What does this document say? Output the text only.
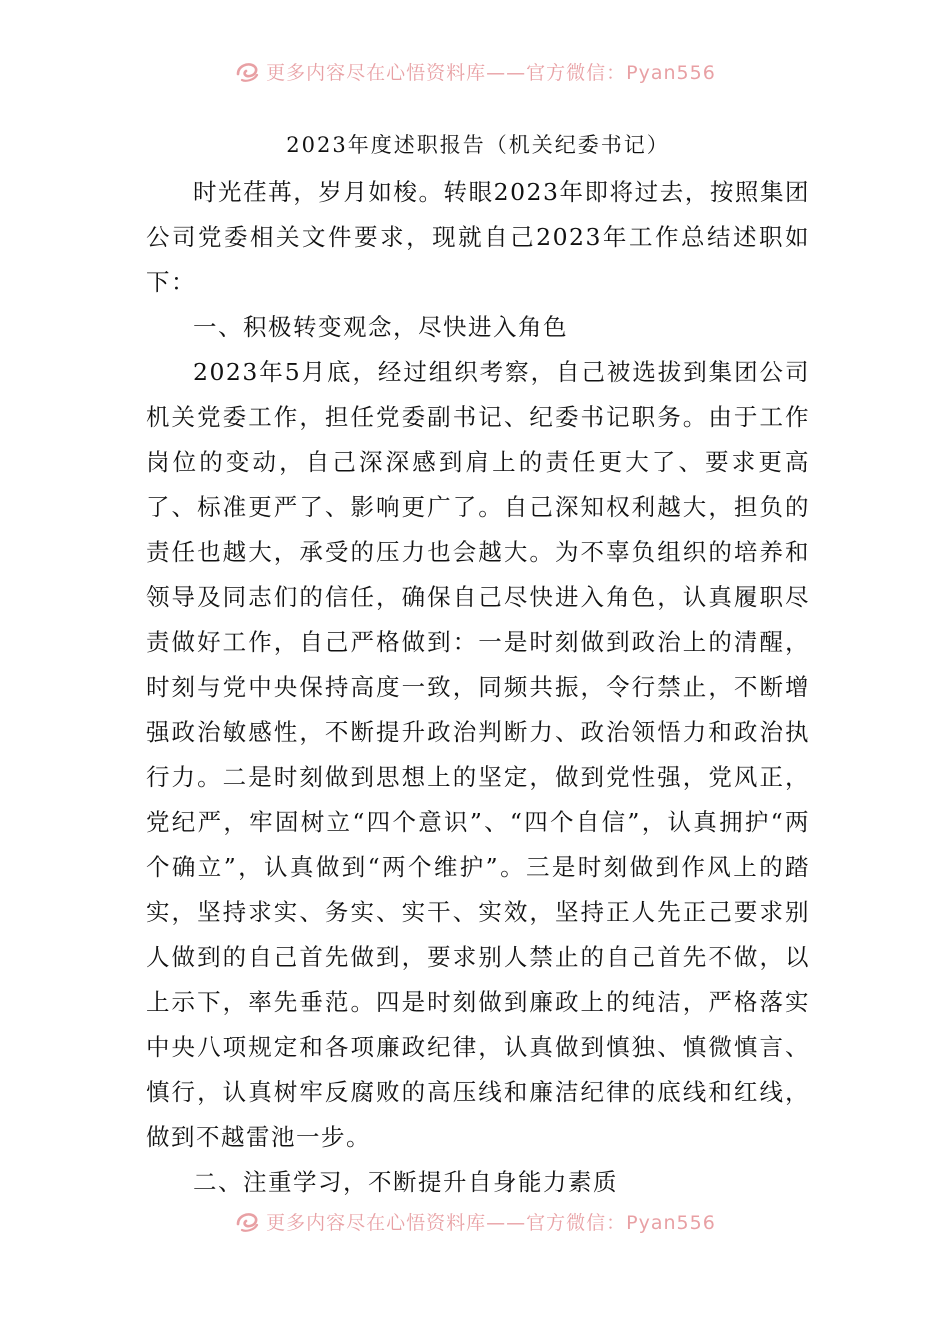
更多内容尽在心悟资料库——官方微信：Pyan556
2023年度述职报告（机关纪委书记）

时光荏苒，岁月如梭。转眼2023年即将过去，按照集团公司党委相关文件要求，现就自己2023年工作总结述职如下：

一、积极转变观念，尽快进入角色

2023年5月底，经过组织考察，自己被选拔到集团公司机关党委工作，担任党委副书记、纪委书记职务。由于工作岗位的变动，自己深深感到肩上的责任更大了、要求更高了、标准更严了、影响更广了。自己深知权利越大，担负的责任也越大，承受的压力也会越大。为不辜负组织的培养和领导及同志们的信任，确保自己尽快进入角色，认真履职尽责做好工作，自己严格做到：一是时刻做到政治上的清醒，时刻与党中央保持高度一致，同频共振，令行禁止，不断增强政治敏感性，不断提升政治判断力、政治领悟力和政治执行力。二是时刻做到思想上的坚定，做到党性强，党风正，党纪严，牢固树立“四个意识”、“四个自信”，认真拥护“两个确立”，认真做到“两个维护”。三是时刻做到作风上的踏实，坚持求实、务实、实干、实效，坚持正人先正己要求别人做到的自己首先做到，要求别人禁止的自己首先不做，以上示下，率先垂范。四是时刻做到廉政上的纯洁，严格落实中央八项规定和各项廉政纪律，认真做到慎独、慎微慎言、慎行，认真树牢反腐败的高压线和廉洁纪律的底线和红线，做到不越雷池一步。

二、注重学习，不断提升自身能力素质
更多内容尽在心悟资料库——官方微信：Pyan556
